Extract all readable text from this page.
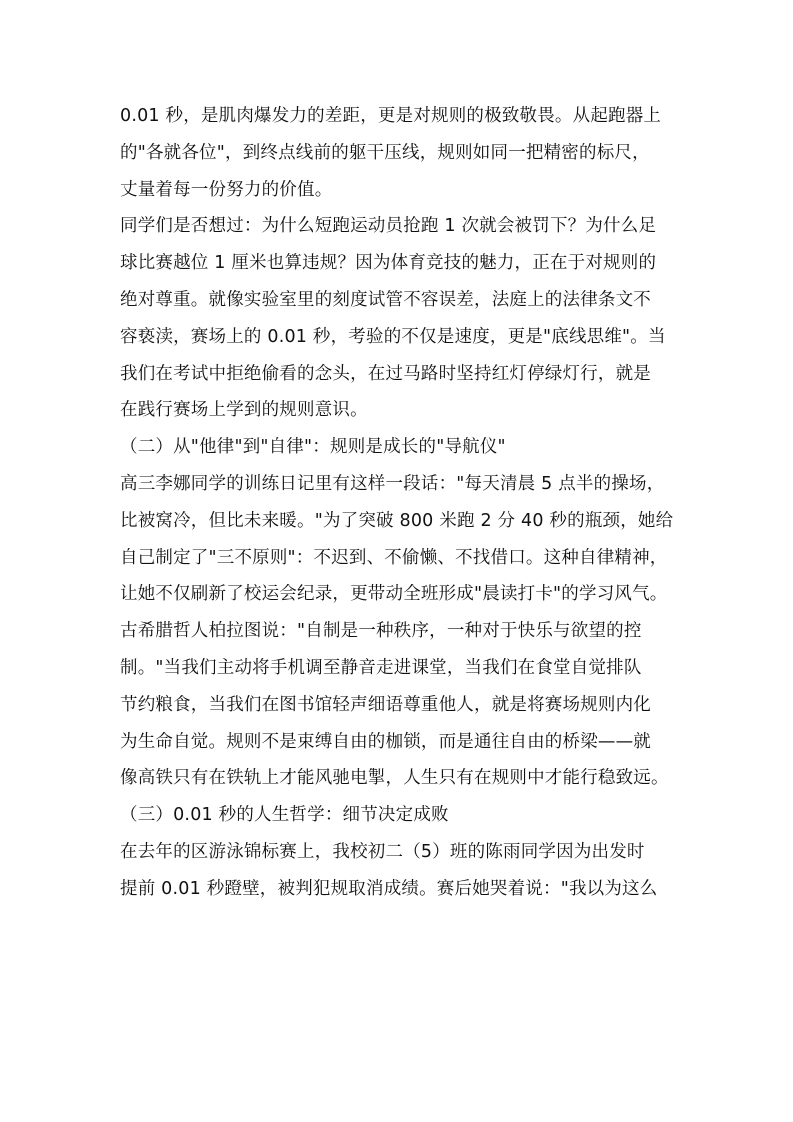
0.01 秒，是肌肉爆发力的差距，更是对规则的极致敬畏。从起跑器上
的"各就各位"，到终点线前的躯干压线，规则如同一把精密的标尺，
丈量着每一份努力的价值。
同学们是否想过：为什么短跑运动员抢跑 1 次就会被罚下？为什么足
球比赛越位 1 厘米也算违规？因为体育竞技的魅力，正在于对规则的
绝对尊重。就像实验室里的刻度试管不容误差，法庭上的法律条文不
容亵渎，赛场上的 0.01 秒，考验的不仅是速度，更是"底线思维"。当
我们在考试中拒绝偷看的念头，在过马路时坚持红灯停绿灯行，就是
在践行赛场上学到的规则意识。
（二）从"他律"到"自律"：规则是成长的"导航仪"
高三李娜同学的训练日记里有这样一段话："每天清晨 5 点半的操场，
比被窝冷，但比未来暖。"为了突破 800 米跑 2 分 40 秒的瓶颈，她给
自己制定了"三不原则"：不迟到、不偷懒、不找借口。这种自律精神，
让她不仅刷新了校运会纪录，更带动全班形成"晨读打卡"的学习风气。
古希腊哲人柏拉图说："自制是一种秩序，一种对于快乐与欲望的控
制。"当我们主动将手机调至静音走进课堂，当我们在食堂自觉排队
节约粮食，当我们在图书馆轻声细语尊重他人，就是将赛场规则内化
为生命自觉。规则不是束缚自由的枷锁，而是通往自由的桥梁——就
像高铁只有在铁轨上才能风驰电掣，人生只有在规则中才能行稳致远。
（三）0.01 秒的人生哲学：细节决定成败
在去年的区游泳锦标赛上，我校初二（5）班的陈雨同学因为出发时
提前 0.01 秒蹬壁，被判犯规取消成绩。赛后她哭着说："我以为这么
